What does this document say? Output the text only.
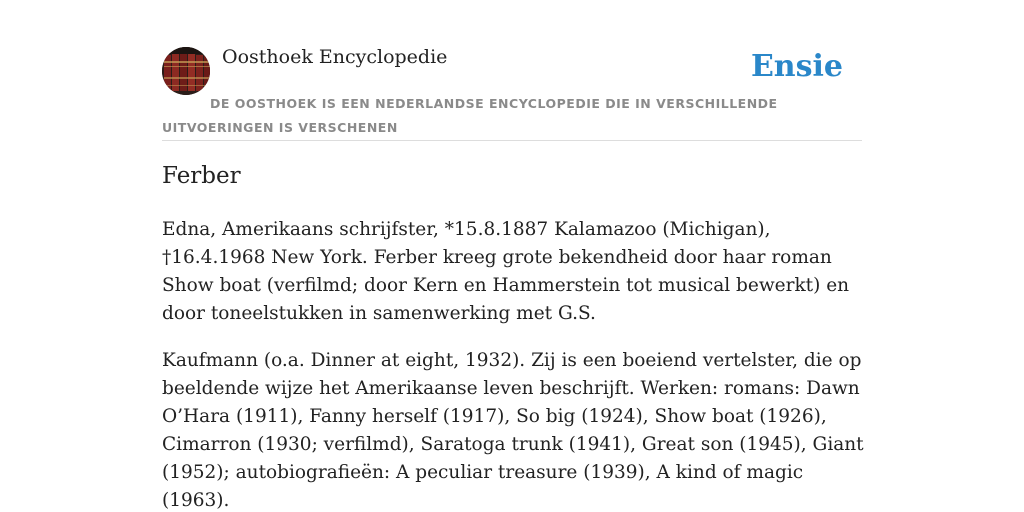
Oosthoek Encyclopedie	Ensie
DE OOSTHOEK IS EEN NEDERLANDSE ENCYCLOPEDIE DIE IN VERSCHILLENDE UITVOERINGEN IS VERSCHENEN
Ferber

Edna, Amerikaans schrijfster, *15.8.1887 Kalamazoo (Michigan), †16.4.1968 New York. Ferber kreeg grote bekendheid door haar roman Show boat (verfilmd; door Kern en Hammerstein tot musical bewerkt) en door toneelstukken in samenwerking met G.S.

Kaufmann (o.a. Dinner at eight, 1932). Zij is een boeiend vertelster, die op beeldende wijze het Amerikaanse leven beschrijft. Werken: romans: Dawn O’Hara (1911), Fanny herself (1917), So big (1924), Show boat (1926), Cimarron (1930; verfilmd), Saratoga trunk (1941), Great son (1945), Giant (1952); autobiografieën: A peculiar treasure (1939), A kind of magic (1963).
